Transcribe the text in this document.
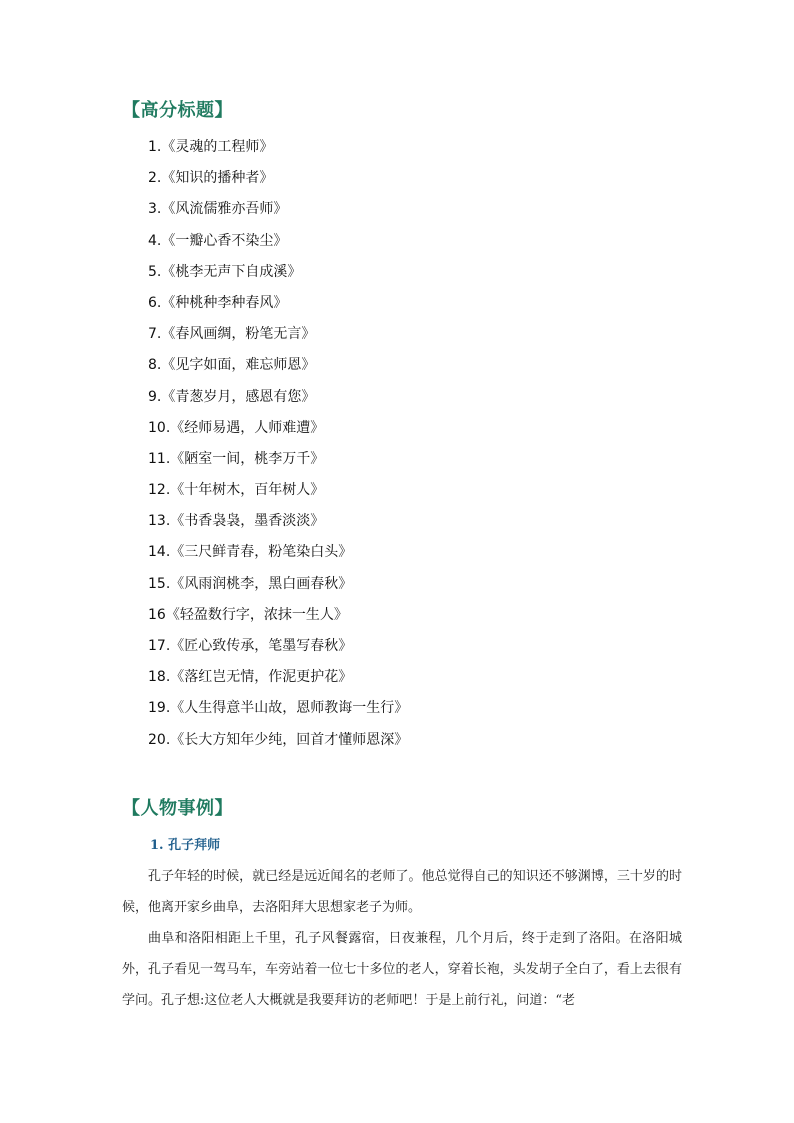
【高分标题】
1.《灵魂的工程师》
2.《知识的播种者》
3.《风流儒雅亦吾师》
4.《一瓣心香不染尘》
5.《桃李无声下自成溪》
6.《种桃种李种春风》
7.《春风画绸，粉笔无言》
8.《见字如面，难忘师恩》
9.《青葱岁月，感恩有您》
10.《经师易遇，人师难遭》
11.《陋室一间，桃李万千》
12.《十年树木，百年树人》
13.《书香袅袅，墨香淡淡》
14.《三尺鲜青春，粉笔染白头》
15.《风雨润桃李，黑白画春秋》
16《轻盈数行字，浓抹一生人》
17.《匠心致传承，笔墨写春秋》
18.《落红岂无情，作泥更护花》
19.《人生得意半山故，恩师教诲一生行》
20.《长大方知年少纯，回首才懂师恩深》
【人物事例】
1. 孔子拜师

孔子年轻的时候，就已经是远近闻名的老师了。他总觉得自己的知识还不够渊博，三十岁的时候，他离开家乡曲阜，去洛阳拜大思想家老子为师。

曲阜和洛阳相距上千里，孔子风餐露宿，日夜兼程，几个月后，终于走到了洛阳。在洛阳城外，孔子看见一驾马车，车旁站着一位七十多位的老人，穿着长袍，头发胡子全白了，看上去很有学问。孔子想:这位老人大概就是我要拜访的老师吧！于是上前行礼，问道：“老
